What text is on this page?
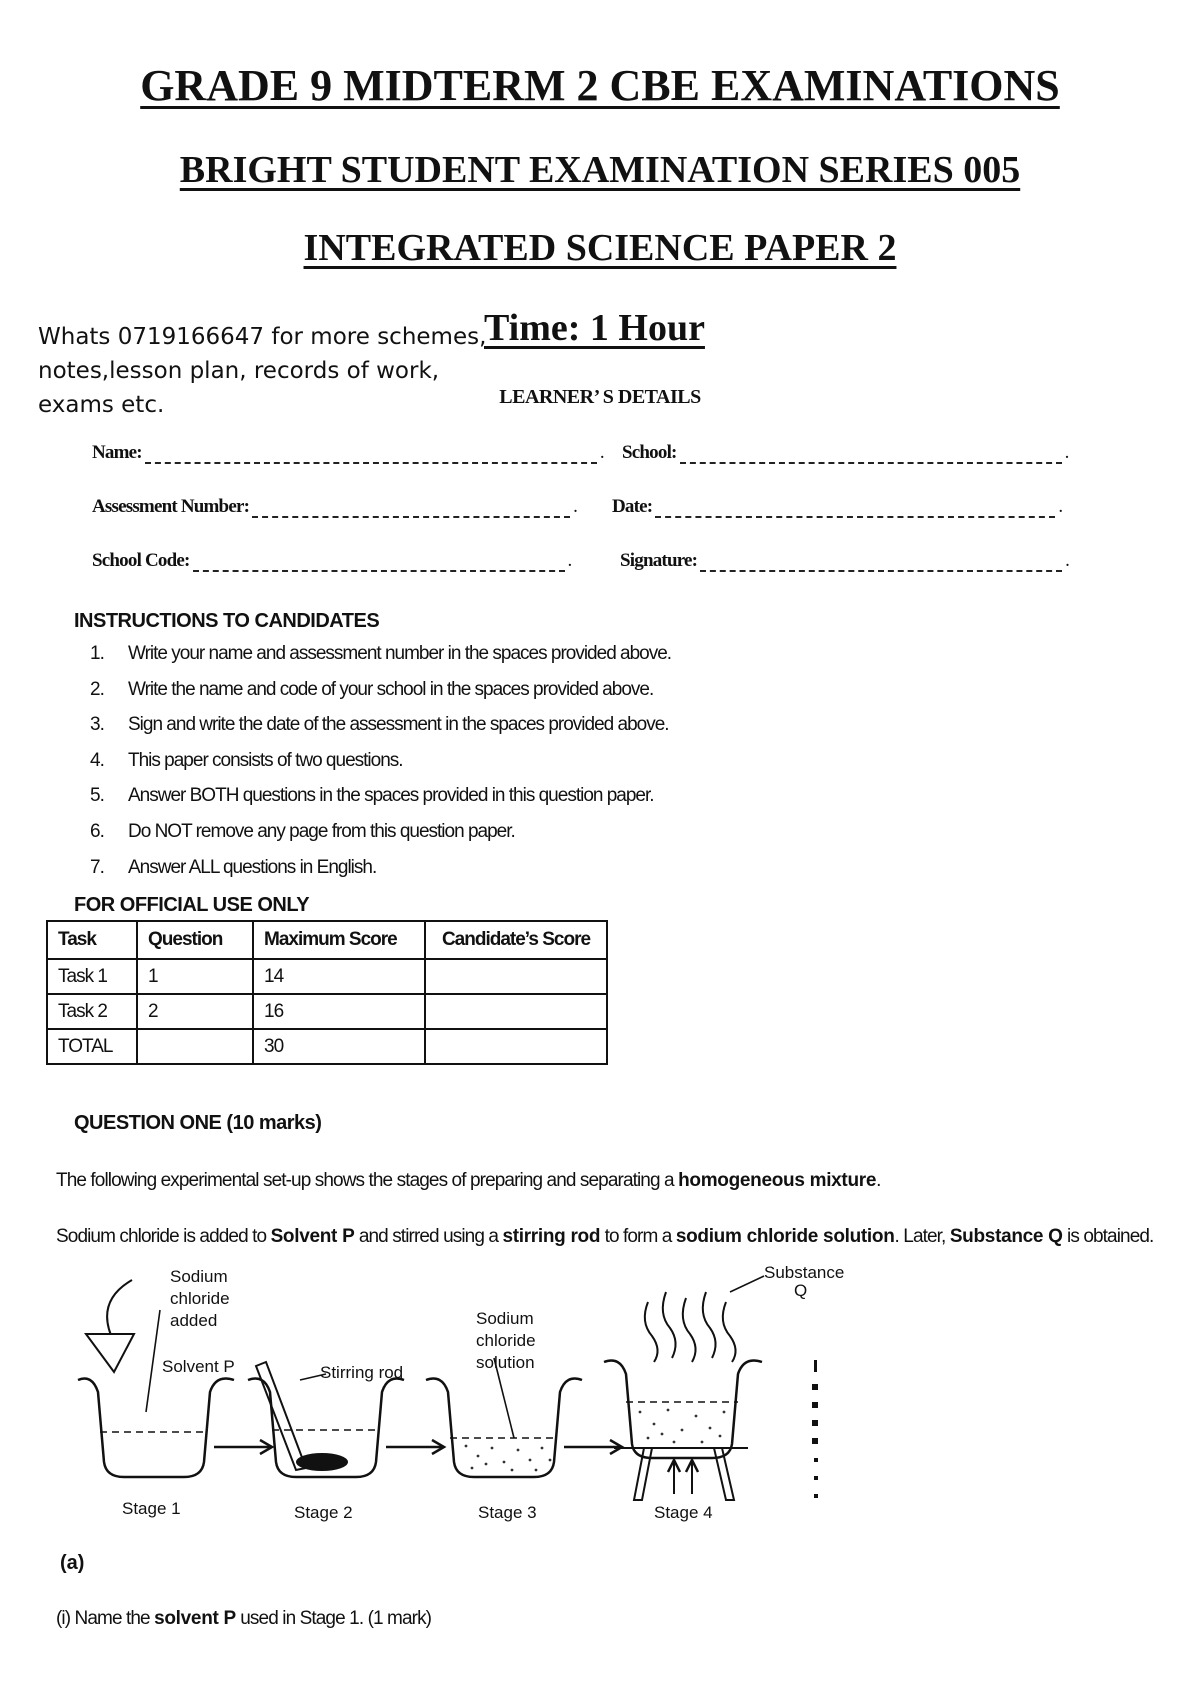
GRADE 9 MIDTERM 2 CBE EXAMINATIONS
BRIGHT STUDENT EXAMINATION SERIES 005
INTEGRATED SCIENCE PAPER 2
Time: 1 Hour
Whats 0719166647 for more schemes, notes,lesson plan, records of work, exams etc.	LEARNER’ S DETAILS
Name:	. School:	.
Assessment Number:	. Date:	.
School Code:	.	Signature:	.
INSTRUCTIONS TO CANDIDATES
1.	Write your name and assessment number in the spaces provided above.
2.	Write the name and code of your school in the spaces provided above.
3.	Sign and write the date of the assessment in the spaces provided above.
4.	This paper consists of two questions.
5.	Answer BOTH questions in the spaces provided in this question paper.
6.	Do NOT remove any page from this question paper.
7.	Answer ALL questions in English.
FOR OFFICIAL USE ONLY
Task	Question	Maximum Score	Candidate’s Score
Task 1	1	14	
Task 2	2	16	
TOTAL		30	
QUESTION ONE (10 marks)
The following experimental set-up shows the stages of preparing and separating a homogeneous mixture.
Sodium chloride is added to Solvent P and stirred using a stirring rod to form a sodium chloride solution. Later, Substance Q is obtained.
Sodium
chloride
added
Solvent P	Stirring rod
Sodium
chloride
solution
Substance
Q
Stage 1	Stage 2	Stage 3	Stage 4
(a)
(i) Name the solvent P used in Stage 1. (1 mark)
